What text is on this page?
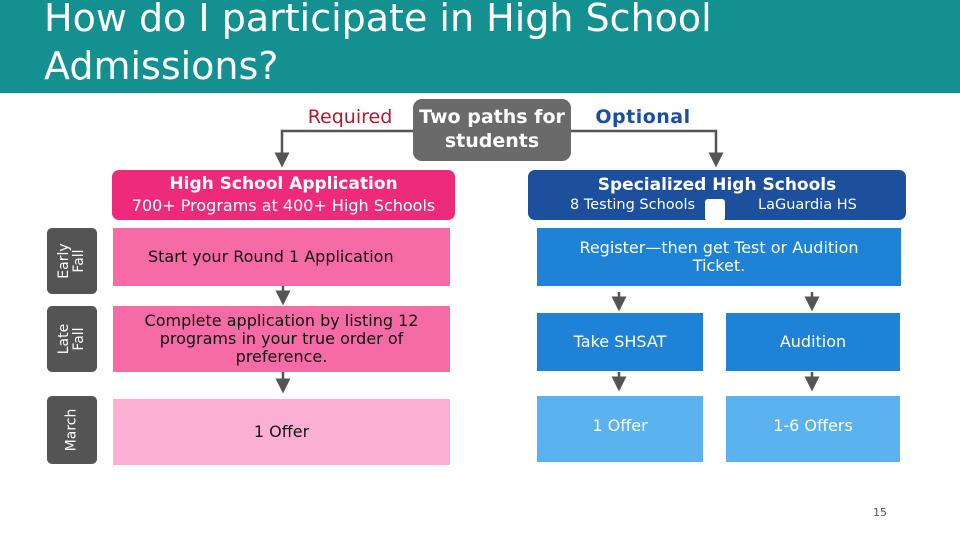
How do I participate in High School Admissions?
Required	Two paths for students
Optional
High School Application
700+ Programs at 400+ High Schools
Specialized High Schools
8 Testing Schools	LaGuardia HS
Early Fall
Late Fall
March
Start your Round 1 Application
Complete application by listing 12 programs in your true order of preference.
1 Offer
Register—then get Test or Audition Ticket.
Take SHSAT	Audition
1 Offer	1-6 Offers
15
